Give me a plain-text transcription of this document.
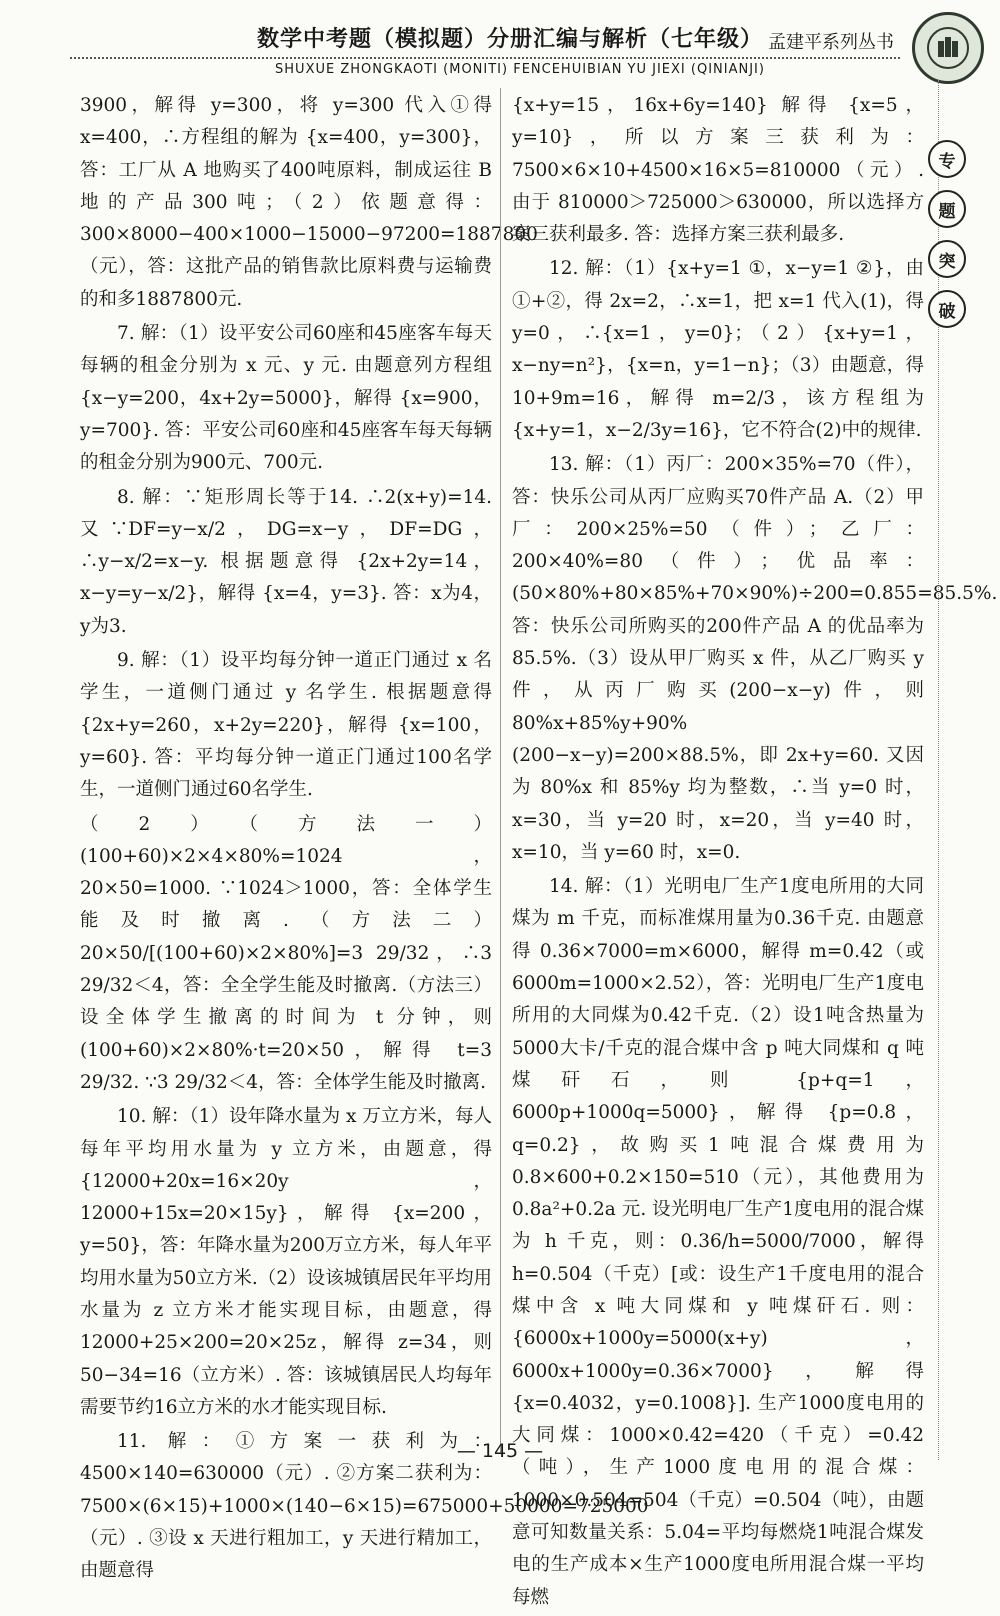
数学中考题（模拟题）分册汇编与解析（七年级） 孟建平系列丛书
SHUXUE ZHONGKAOTI (MONITI) FENCEHUIBIAN YU JIEXI (QINIANJI)
专
题
突
破

3900，解得 y=300，将 y=300 代入①得 x=400，∴方程组的解为 {x=400，y=300}，答：工厂从 A 地购买了400吨原料，制成运往 B 地的产品300吨；（2）依题意得：300×8000−400×1000−15000−97200=1887800（元），答：这批产品的销售款比原料费与运输费的和多1887800元.

7. 解：（1）设平安公司60座和45座客车每天每辆的租金分别为 x 元、y 元. 由题意列方程组 {x−y=200，4x+2y=5000}，解得 {x=900，y=700}. 答：平安公司60座和45座客车每天每辆的租金分别为900元、700元.

8. 解：∵矩形周长等于14. ∴2(x+y)=14. 又∵DF=y−x/2，DG=x−y，DF=DG，∴y−x/2=x−y. 根据题意得 {2x+2y=14，x−y=y−x/2}，解得 {x=4，y=3}. 答：x为4，y为3.

9. 解：（1）设平均每分钟一道正门通过 x 名学生，一道侧门通过 y 名学生. 根据题意得 {2x+y=260，x+2y=220}，解得 {x=100，y=60}. 答：平均每分钟一道正门通过100名学生，一道侧门通过60名学生.

（2）（方法一）(100+60)×2×4×80%=1024，20×50=1000. ∵1024＞1000，答：全体学生能及时撤离.（方法二）20×50/[(100+60)×2×80%]=3 29/32，∴3 29/32＜4，答：全全学生能及时撤离.（方法三）设全体学生撤离的时间为 t 分钟，则(100+60)×2×80%·t=20×50，解得 t=3 29/32. ∵3 29/32＜4，答：全体学生能及时撤离.

10. 解：（1）设年降水量为 x 万立方米，每人每年平均用水量为 y 立方米，由题意，得 {12000+20x=16×20y，12000+15x=20×15y}，解得 {x=200，y=50}，答：年降水量为200万立方米，每人年平均用水量为50立方米.（2）设该城镇居民年平均用水量为 z 立方米才能实现目标，由题意，得 12000+25×200=20×25z，解得 z=34，则 50−34=16（立方米）. 答：该城镇居民人均每年需要节约16立方米的水才能实现目标.

11. 解：①方案一获利为：4500×140=630000（元）. ②方案二获利为：7500×(6×15)+1000×(140−6×15)=675000+50000=725000（元）. ③设 x 天进行粗加工，y 天进行精加工，由题意得

{x+y=15，16x+6y=140} 解得 {x=5，y=10}，所以方案三获利为：7500×6×10+4500×16×5=810000（元）. 由于 810000＞725000＞630000，所以选择方案三获利最多. 答：选择方案三获利最多.

12. 解：（1）{x+y=1 ①，x−y=1 ②}，由①+②，得 2x=2，∴x=1，把 x=1 代入(1)，得 y=0，∴{x=1，y=0}；（2）{x+y=1，x−ny=n²}，{x=n，y=1−n}；（3）由题意，得 10+9m=16，解得 m=2/3，该方程组为 {x+y=1，x−2/3y=16}，它不符合(2)中的规律.

13. 解：（1）丙厂：200×35%=70（件），答：快乐公司从丙厂应购买70件产品 A.（2）甲厂：200×25%=50（件）；乙厂：200×40%=80（件）；优品率：(50×80%+80×85%+70×90%)÷200=0.855=85.5%. 答：快乐公司所购买的200件产品 A 的优品率为85.5%.（3）设从甲厂购买 x 件，从乙厂购买 y 件，从丙厂购买(200−x−y)件，则 80%x+85%y+90%(200−x−y)=200×88.5%，即 2x+y=60. 又因为 80%x 和 85%y 均为整数，∴当 y=0 时，x=30，当 y=20 时，x=20，当 y=40 时，x=10，当 y=60 时，x=0.

14. 解：（1）光明电厂生产1度电所用的大同煤为 m 千克，而标准煤用量为0.36千克. 由题意得 0.36×7000=m×6000，解得 m=0.42（或 6000m=1000×2.52），答：光明电厂生产1度电所用的大同煤为0.42千克.（2）设1吨含热量为5000大卡/千克的混合煤中含 p 吨大同煤和 q 吨煤矸石，则 {p+q=1，6000p+1000q=5000}，解得 {p=0.8，q=0.2}，故购买1吨混合煤费用为 0.8×600+0.2×150=510（元），其他费用为 0.8a²+0.2a 元. 设光明电厂生产1度电用的混合煤为 h 千克，则：0.36/h=5000/7000，解得 h=0.504（千克）[或：设生产1千度电用的混合煤中含 x 吨大同煤和 y 吨煤矸石. 则：{6000x+1000y=5000(x+y)，6000x+1000y=0.36×7000}，解得 {x=0.4032，y=0.1008}]. 生产1000度电用的大同煤：1000×0.42=420（千克）=0.42（吨），生产1000度电用的混合煤：1000×0.504=504（千克）=0.504（吨），由题意可知数量关系：5.04=平均每燃烧1吨混合煤发电的生产成本×生产1000度电所用混合煤一平均每燃

— 145 —
